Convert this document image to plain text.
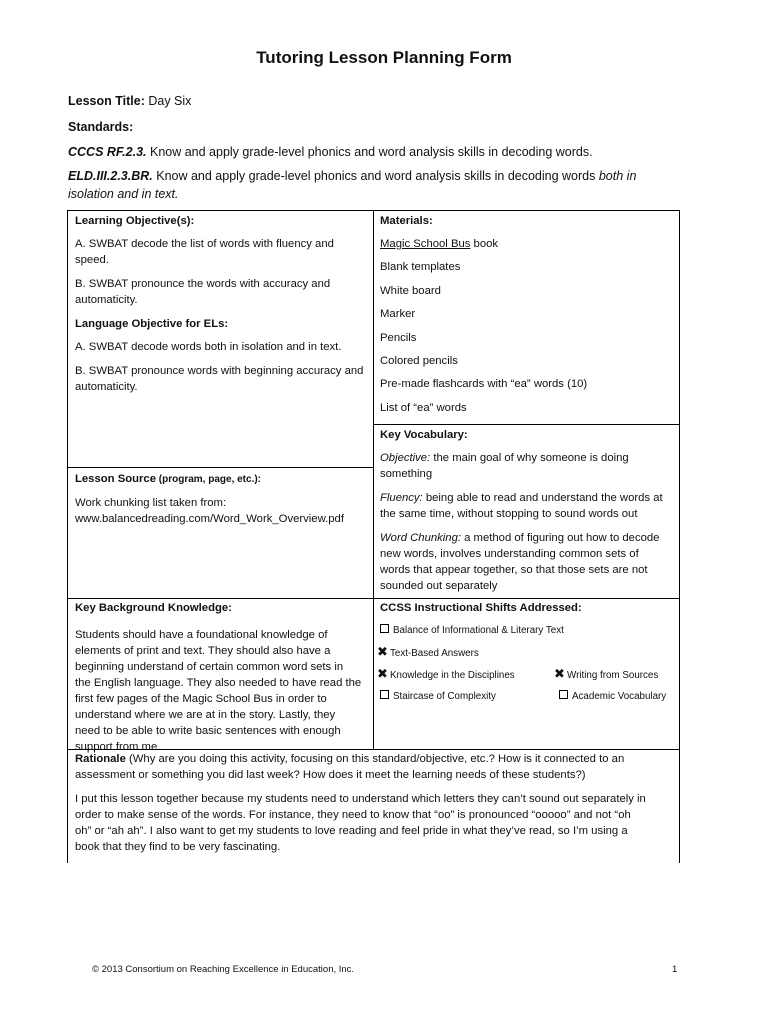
Tutoring Lesson Planning Form
Lesson Title: Day Six
Standards:
CCCS RF.2.3. Know and apply grade-level phonics and word analysis skills in decoding words.
ELD.III.2.3.BR. Know and apply grade-level phonics and word analysis skills in decoding words both in
isolation and in text.

Learning Objective(s):

A. SWBAT decode the list of words with fluency and

speed.

B. SWBAT pronounce the words with accuracy and

automaticity.

Language Objective for ELs:

A. SWBAT decode words both in isolation and in text.

B. SWBAT pronounce words with beginning accuracy and
automaticity.

Materials:

Magic School Bus book
Blank templates
White board
Marker
Pencils
Colored pencils
Pre-made flashcards with “ea” words (10)
List of “ea” words

Key Vocabulary:

Objective: the main goal of why someone is doing

something

Fluency: being able to read and understand the words at

the same time, without stopping to sound words out

Word Chunking: a method of figuring out how to decode
new words, involves understanding common sets of
words that appear together, so that those sets are not
sounded out separately

Lesson Source (program, page, etc.):

Work chunking list taken from:
www.balancedreading.com/Word_Work_Overview.pdf

Key Background Knowledge:

Students should have a foundational knowledge of
elements of print and text. They should also have a
beginning understand of certain common word sets in
the English language. They also needed to have read the
first few pages of the Magic School Bus in order to
understand where we are at in the story. Lastly, they
need to be able to write basic sentences with enough
support from me.
CCSS Instructional Shifts Addressed:
Balance of Informational & Literary Text
✖ Text-Based Answers
✖ Knowledge in the Disciplines	✖ Writing from Sources
Staircase of Complexity	Academic Vocabulary
Rationale (Why are you doing this activity, focusing on this standard/objective, etc.? How is it connected to an

assessment or something you did last week? How does it meet the learning needs of these students?)

I put this lesson together because my students need to understand which letters they can’t sound out separately in
order to make sense of the words. For instance, they need to know that “oo” is pronounced “ooooo” and not “oh
oh” or “ah ah”. I also want to get my students to love reading and feel pride in what they’ve read, so I’m using a
book that they find to be very fascinating.
© 2013 Consortium on Reaching Excellence in Education, Inc.	1
